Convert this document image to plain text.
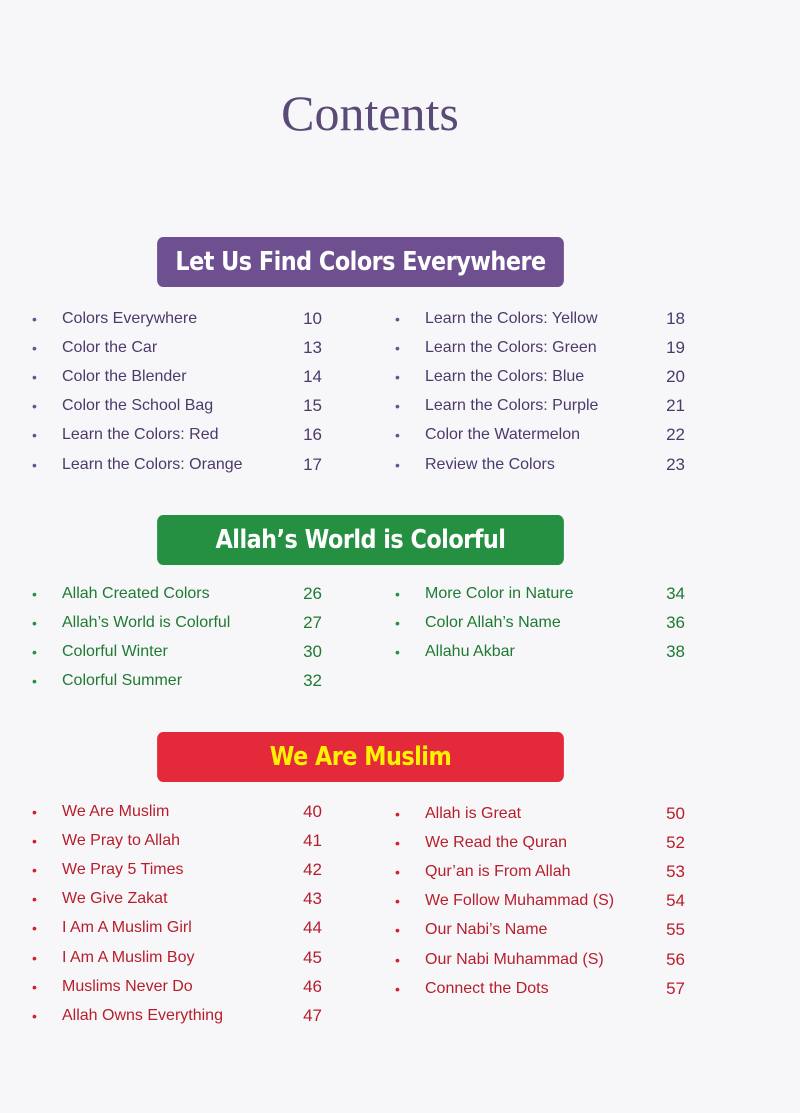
Contents
Let Us Find Colors Everywhere
• Colors Everywhere	10
• Color the Car	13
• Color the Blender	14
• Color the School Bag	15
• Learn the Colors: Red	16
• Learn the Colors: Orange	17
• Learn the Colors: Yellow	18
• Learn the Colors: Green	19
• Learn the Colors: Blue	20
• Learn the Colors: Purple	21
• Color the Watermelon	22
• Review the Colors	23
Allah’s World is Colorful
• Allah Created Colors	26
• Allah’s World is Colorful	27
• Colorful Winter	30
• Colorful Summer	32
• More Color in Nature	34
• Color Allah’s Name	36
• Allahu Akbar	38
We Are Muslim
• We Are Muslim	40
• We Pray to Allah	41
• We Pray 5 Times	42
• We Give Zakat	43
• I Am A Muslim Girl	44
• I Am A Muslim Boy	45
• Muslims Never Do	46
• Allah Owns Everything	47
• Allah is Great	50
• We Read the Quran	52
• Qur’an is From Allah	53
• We Follow Muhammad (S)	54
• Our Nabi’s Name	55
• Our Nabi Muhammad (S)	56
• Connect the Dots	57
